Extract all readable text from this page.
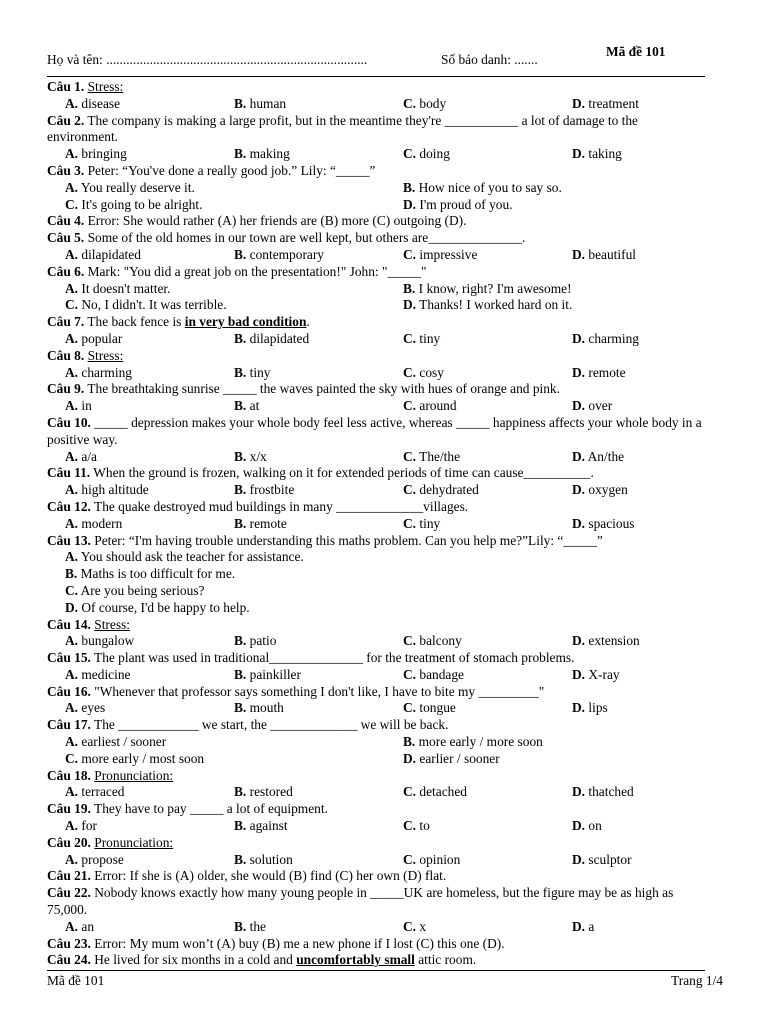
Mã đề 101
Họ và tên: ..............................................................................	Số báo danh: .......
Câu 1. Stress:
A. disease	B. human	C. body	D. treatment
Câu 2. The company is making a large profit, but in the meantime they're ___________ a lot of damage to the environment.
A. bringing	B. making	C. doing	D. taking
Câu 3. Peter: “You've done a really good job.” Lily: “_____”
A. You really deserve it.	B. How nice of you to say so.
C. It's going to be alright.	D. I'm proud of you.
Câu 4. Error: She would rather (A) her friends are (B) more (C) outgoing (D).
Câu 5. Some of the old homes in our town are well kept, but others are______________.
A. dilapidated	B. contemporary	C. impressive	D. beautiful
Câu 6. Mark: "You did a great job on the presentation!" John: "_____"
A. It doesn't matter.	B. I know, right? I'm awesome!
C. No, I didn't. It was terrible.	D. Thanks! I worked hard on it.
Câu 7. The back fence is in very bad condition.
A. popular	B. dilapidated	C. tiny	D. charming
Câu 8. Stress:
A. charming	B. tiny	C. cosy	D. remote
Câu 9. The breathtaking sunrise _____ the waves painted the sky with hues of orange and pink.
A. in	B. at	C. around	D. over
Câu 10. _____ depression makes your whole body feel less active, whereas _____ happiness affects your whole body in a positive way.
A. a/a	B. x/x	C. The/the	D. An/the
Câu 11. When the ground is frozen, walking on it for extended periods of time can cause__________.
A. high altitude	B. frostbite	C. dehydrated	D. oxygen
Câu 12. The quake destroyed mud buildings in many _____________villages.
A. modern	B. remote	C. tiny	D. spacious
Câu 13. Peter: “I'm having trouble understanding this maths problem. Can you help me?”Lily: “_____”
A. You should ask the teacher for assistance.
B. Maths is too difficult for me.
C. Are you being serious?
D. Of course, I'd be happy to help.
Câu 14. Stress:
A. bungalow	B. patio	C. balcony	D. extension
Câu 15. The plant was used in traditional______________ for the treatment of stomach problems.
A. medicine	B. painkiller	C. bandage	D. X-ray
Câu 16. "Whenever that professor says something I don't like, I have to bite my _________"
A. eyes	B. mouth	C. tongue	D. lips
Câu 17. The ____________ we start, the _____________ we will be back.
A. earliest / sooner	B. more early / more soon
C. more early / most soon	D. earlier / sooner
Câu 18. Pronunciation:
A. terraced	B. restored	C. detached	D. thatched
Câu 19. They have to pay _____ a lot of equipment.
A. for	B. against	C. to	D. on
Câu 20. Pronunciation:
A. propose	B. solution	C. opinion	D. sculptor
Câu 21. Error: If she is (A) older, she would (B) find (C) her own (D) flat.
Câu 22. Nobody knows exactly how many young people in _____UK are homeless, but the figure may be as high as 75,000.
A. an	B. the	C. x	D. a
Câu 23. Error: My mum won’t (A) buy (B) me a new phone if I lost (C) this one (D).
Câu 24. He lived for six months in a cold and uncomfortably small attic room.
Mã đề 101	Trang 1/4
